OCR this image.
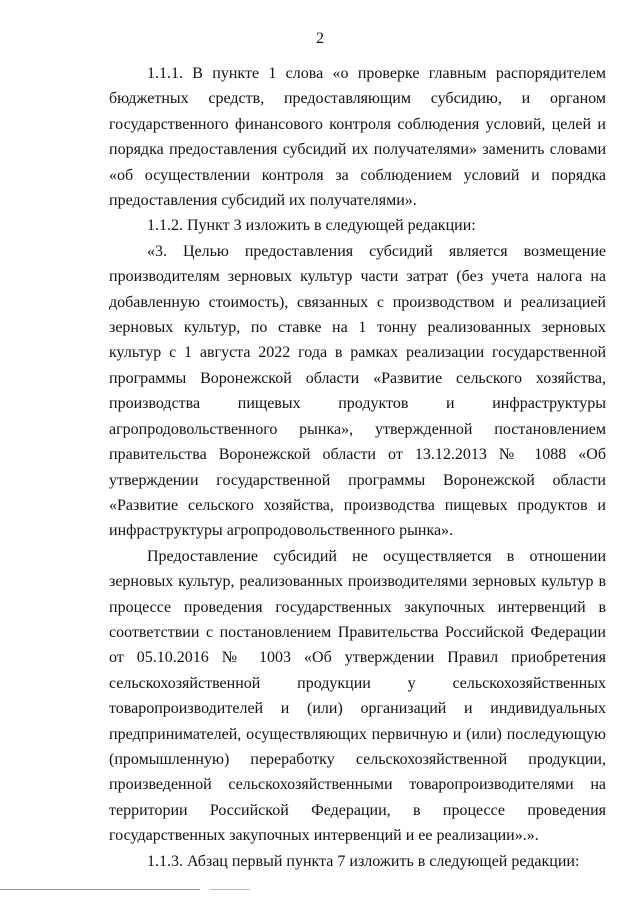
2

1.1.1. В пункте 1 слова «о проверке главным распорядителем бюджетных средств, предоставляющим субсидию, и органом государственного финансового контроля соблюдения условий, целей и порядка предоставления субсидий их получателями» заменить словами «об осуществлении контроля за соблюдением условий и порядка предоставления субсидий их получателями».

1.1.2. Пункт 3 изложить в следующей редакции:

«3. Целью предоставления субсидий является возмещение производителям зерновых культур части затрат (без учета налога на добавленную стоимость), связанных с производством и реализацией зерновых культур, по ставке на 1 тонну реализованных зерновых культур с 1 августа 2022 года в рамках реализации государственной программы Воронежской области «Развитие сельского хозяйства, производства пищевых продуктов и инфраструктуры агропродовольственного рынка», утвержденной постановлением правительства Воронежской области от 13.12.2013 № 1088 «Об утверждении государственной программы Воронежской области «Развитие сельского хозяйства, производства пищевых продуктов и инфраструктуры агропродовольственного рынка».

Предоставление субсидий не осуществляется в отношении зерновых культур, реализованных производителями зерновых культур в процессе проведения государственных закупочных интервенций в соответствии с постановлением Правительства Российской Федерации от 05.10.2016 № 1003 «Об утверждении Правил приобретения сельскохозяйственной продукции у сельскохозяйственных товаропроизводителей и (или) организаций и индивидуальных предпринимателей, осуществляющих первичную и (или) последующую (промышленную) переработку сельскохозяйственной продукции, произведенной сельскохозяйственными товаропроизводителями на территории Российской Федерации, в процессе проведения государственных закупочных интервенций и ее реализации».».

1.1.3. Абзац первый пункта 7 изложить в следующей редакции:
